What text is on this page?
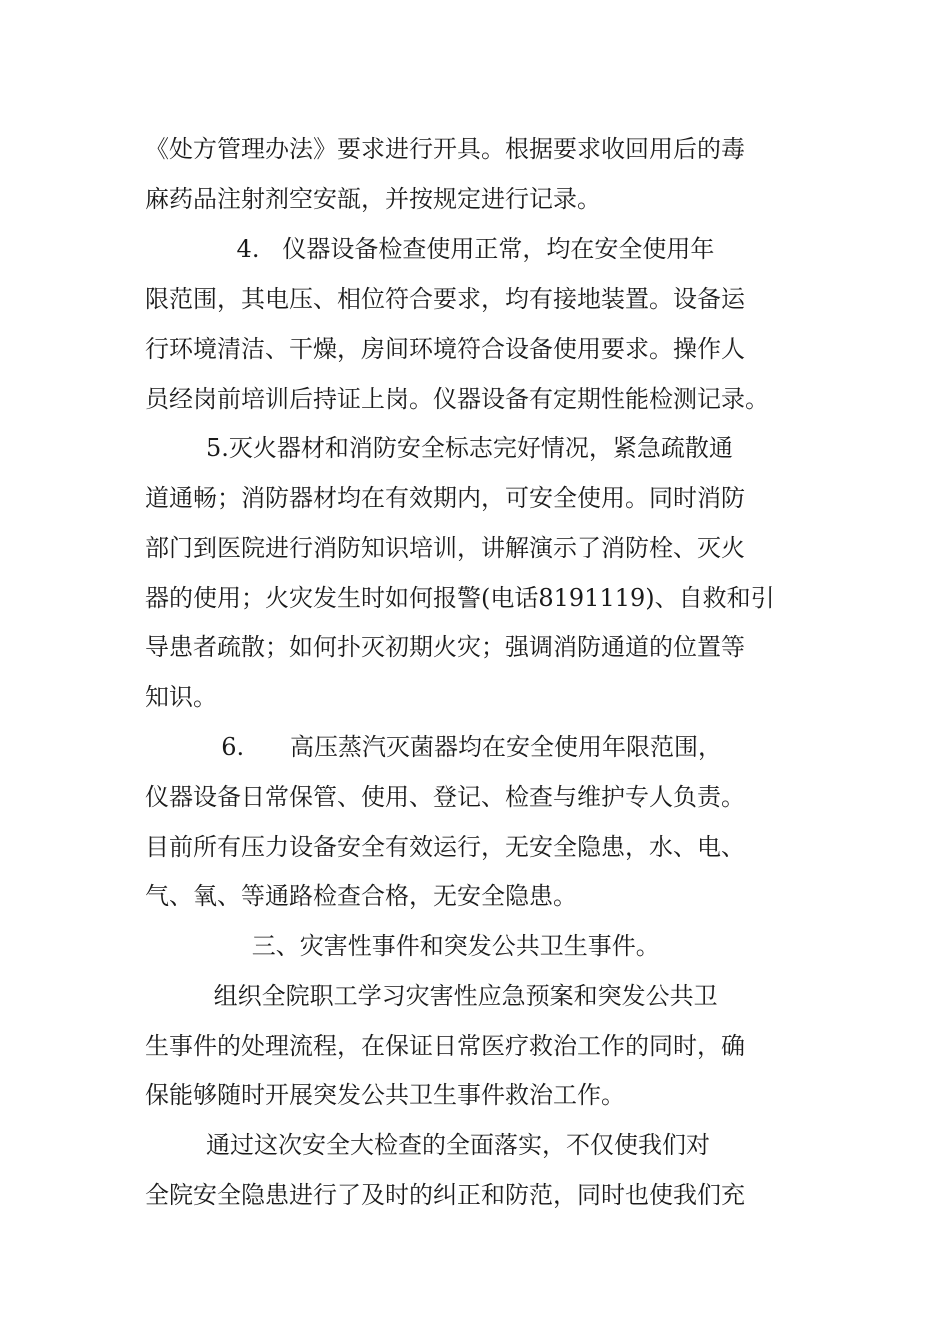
《处方管理办法》要求进行开具。根据要求收回用后的毒
麻药品注射剂空安瓿，并按规定进行记录。
4.   仪器设备检查使用正常，均在安全使用年
限范围，其电压、相位符合要求，均有接地装置。设备运
行环境清洁、干燥，房间环境符合设备使用要求。操作人
员经岗前培训后持证上岗。仪器设备有定期性能检测记录。
5.灭火器材和消防安全标志完好情况，紧急疏散通
道通畅；消防器材均在有效期内，可安全使用。同时消防
部门到医院进行消防知识培训，讲解演示了消防栓、灭火
器的使用；火灾发生时如何报警(电话8191119)、自救和引
导患者疏散；如何扑灭初期火灾；强调消防通道的位置等
知识。
6.      高压蒸汽灭菌器均在安全使用年限范围，
仪器设备日常保管、使用、登记、检查与维护专人负责。
目前所有压力设备安全有效运行，无安全隐患，水、电、
气、氧、等通路检查合格，无安全隐患。
三、灾害性事件和突发公共卫生事件。
组织全院职工学习灾害性应急预案和突发公共卫
生事件的处理流程，在保证日常医疗救治工作的同时，确
保能够随时开展突发公共卫生事件救治工作。
通过这次安全大检查的全面落实，不仅使我们对
全院安全隐患进行了及时的纠正和防范，同时也使我们充
